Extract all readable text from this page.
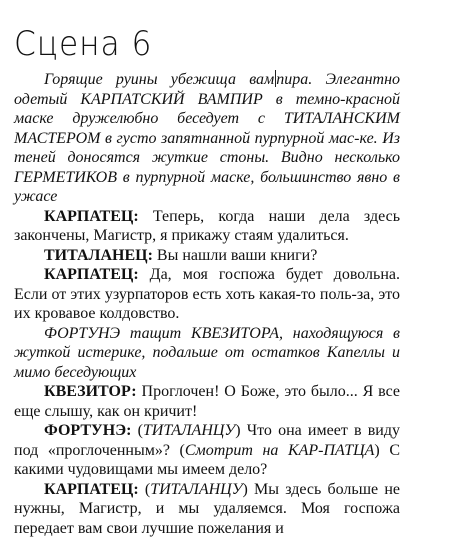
Сцена 6

Горящие руины убежища вам пира. Элегантно одетый КАРПАТСКИЙ ВАМПИР в темно-красной маске дружелюбно беседует с ТИТАЛАНСКИМ МАСТЕРОМ в густо запятнанной пурпурной мас-ке. Из теней доносятся жуткие стоны. Видно несколько ГЕРМЕТИКОВ в пурпурной маске, большинство явно в ужасе

КАРПАТЕЦ: Теперь, когда наши дела здесь закончены, Магистр, я прикажу стаям удалиться.

ТИТАЛАНЕЦ: Вы нашли ваши книги?

КАРПАТЕЦ: Да, моя госпожа будет довольна. Если от этих узурпаторов есть хоть какая-то поль-за, это их кровавое колдовство.

ФОРТУНЭ тащит КВЕЗИТОРА, находящуюся в жуткой истерике, подальше от остатков Капеллы и мимо беседующих

КВЕЗИТОР: Проглочен! О Боже, это было... Я все еще слышу, как он кричит!

ФОРТУНЭ: (ТИТАЛАНЦУ) Что она имеет в виду под «проглоченным»? (Смотрит на КАР-ПАТЦА) С какими чудовищами мы имеем дело?

КАРПАТЕЦ: (ТИТАЛАНЦУ) Мы здесь больше не нужны, Магистр, и мы удаляемся. Моя госпожа передает вам свои лучшие пожелания и
